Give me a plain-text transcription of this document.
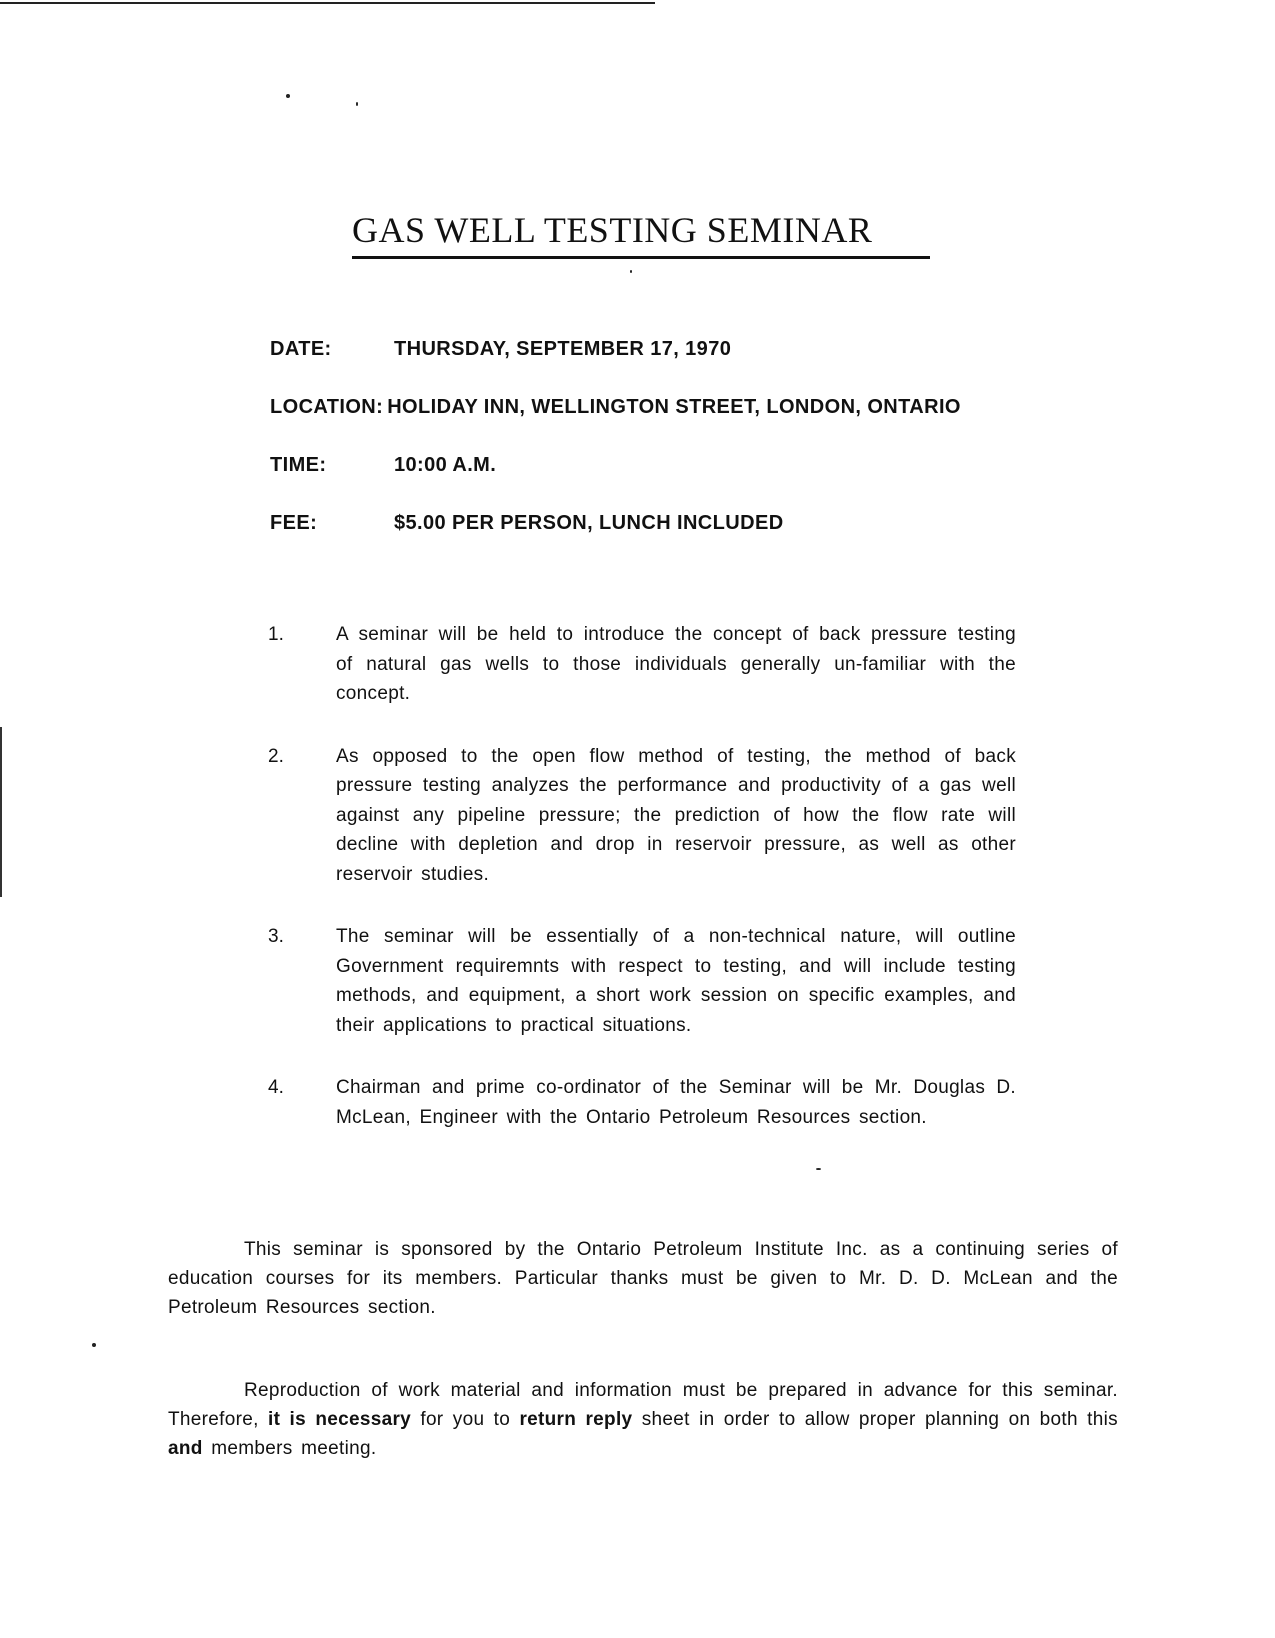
GAS WELL TESTING SEMINAR
DATE:	THURSDAY, SEPTEMBER 17, 1970
LOCATION: HOLIDAY INN, WELLINGTON STREET, LONDON, ONTARIO
TIME:	10:00 A.M.
FEE:	$5.00 PER PERSON, LUNCH INCLUDED
1.	A seminar will be held to introduce the concept of back pressure testing of natural gas wells to those individuals generally un-familiar with the concept.
2.	As opposed to the open flow method of testing, the method of back pressure testing analyzes the performance and productivity of a gas well against any pipeline pressure; the prediction of how the flow rate will decline with depletion and drop in reservoir pressure, as well as other reservoir studies.
3.	The seminar will be essentially of a non-technical nature, will outline Government requiremnts with respect to testing, and will include testing methods, and equipment, a short work session on specific examples, and their applications to practical situations.
4.	Chairman and prime co-ordinator of the Seminar will be Mr. Douglas D. McLean, Engineer with the Ontario Petroleum Resources section.

This seminar is sponsored by the Ontario Petroleum Institute Inc. as a continuing series of education courses for its members. Particular thanks must be given to Mr. D. D. McLean and the Petroleum Resources section.

Reproduction of work material and information must be prepared in advance for this seminar. Therefore, it is necessary for you to return reply sheet in order to allow proper planning on both this and members meeting.
